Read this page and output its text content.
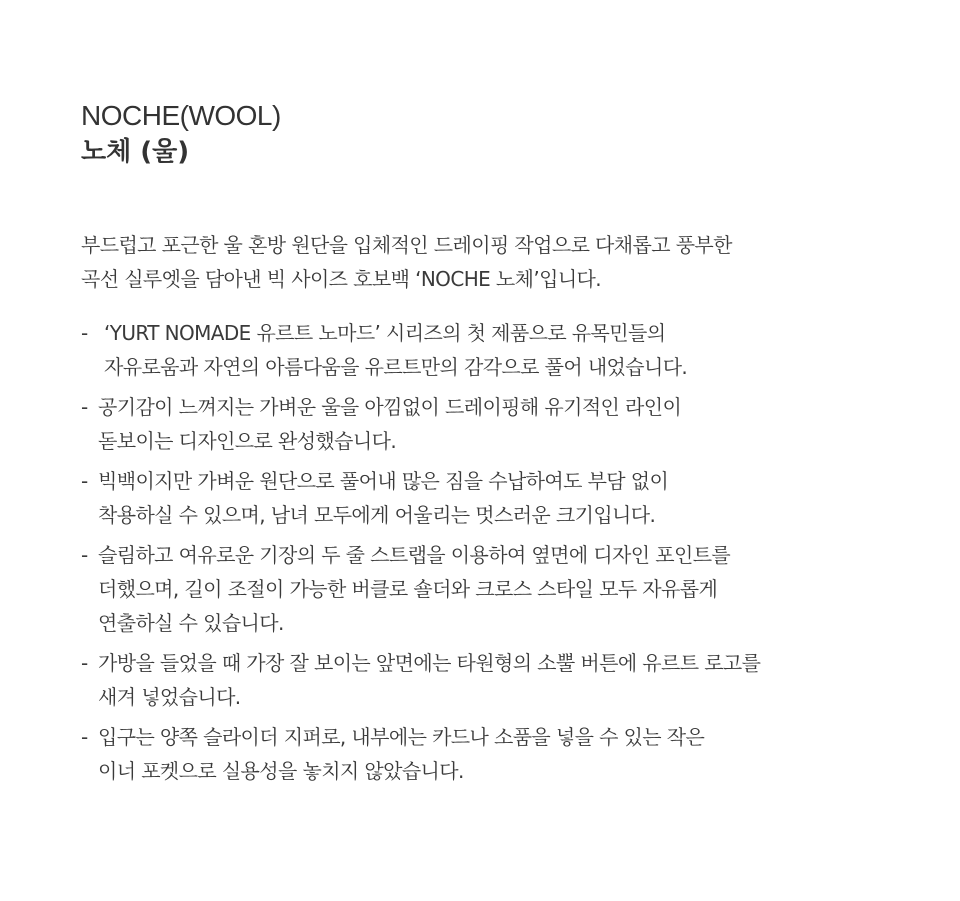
NOCHE(WOOL)
노체 (울)

부드럽고 포근한 울 혼방 원단을 입체적인 드레이핑 작업으로 다채롭고 풍부한
곡선 실루엣을 담아낸 빅 사이즈 호보백 ‘NOCHE 노체’입니다.

- ‘YURT NOMADE 유르트 노마드’ 시리즈의 첫 제품으로 유목민들의
자유로움과 자연의 아름다움을 유르트만의 감각으로 풀어 내었습니다.
- 공기감이 느껴지는 가벼운 울을 아낌없이 드레이핑해 유기적인 라인이
돋보이는 디자인으로 완성했습니다.
- 빅백이지만 가벼운 원단으로 풀어내 많은 짐을 수납하여도 부담 없이
착용하실 수 있으며, 남녀 모두에게 어울리는 멋스러운 크기입니다.
- 슬림하고 여유로운 기장의 두 줄 스트랩을 이용하여 옆면에 디자인 포인트를
더했으며, 길이 조절이 가능한 버클로 숄더와 크로스 스타일 모두 자유롭게
연출하실 수 있습니다.
- 가방을 들었을 때 가장 잘 보이는 앞면에는 타원형의 소뿔 버튼에 유르트 로고를
새겨 넣었습니다.
- 입구는 양쪽 슬라이더 지퍼로, 내부에는 카드나 소품을 넣을 수 있는 작은
이너 포켓으로 실용성을 놓치지 않았습니다.
